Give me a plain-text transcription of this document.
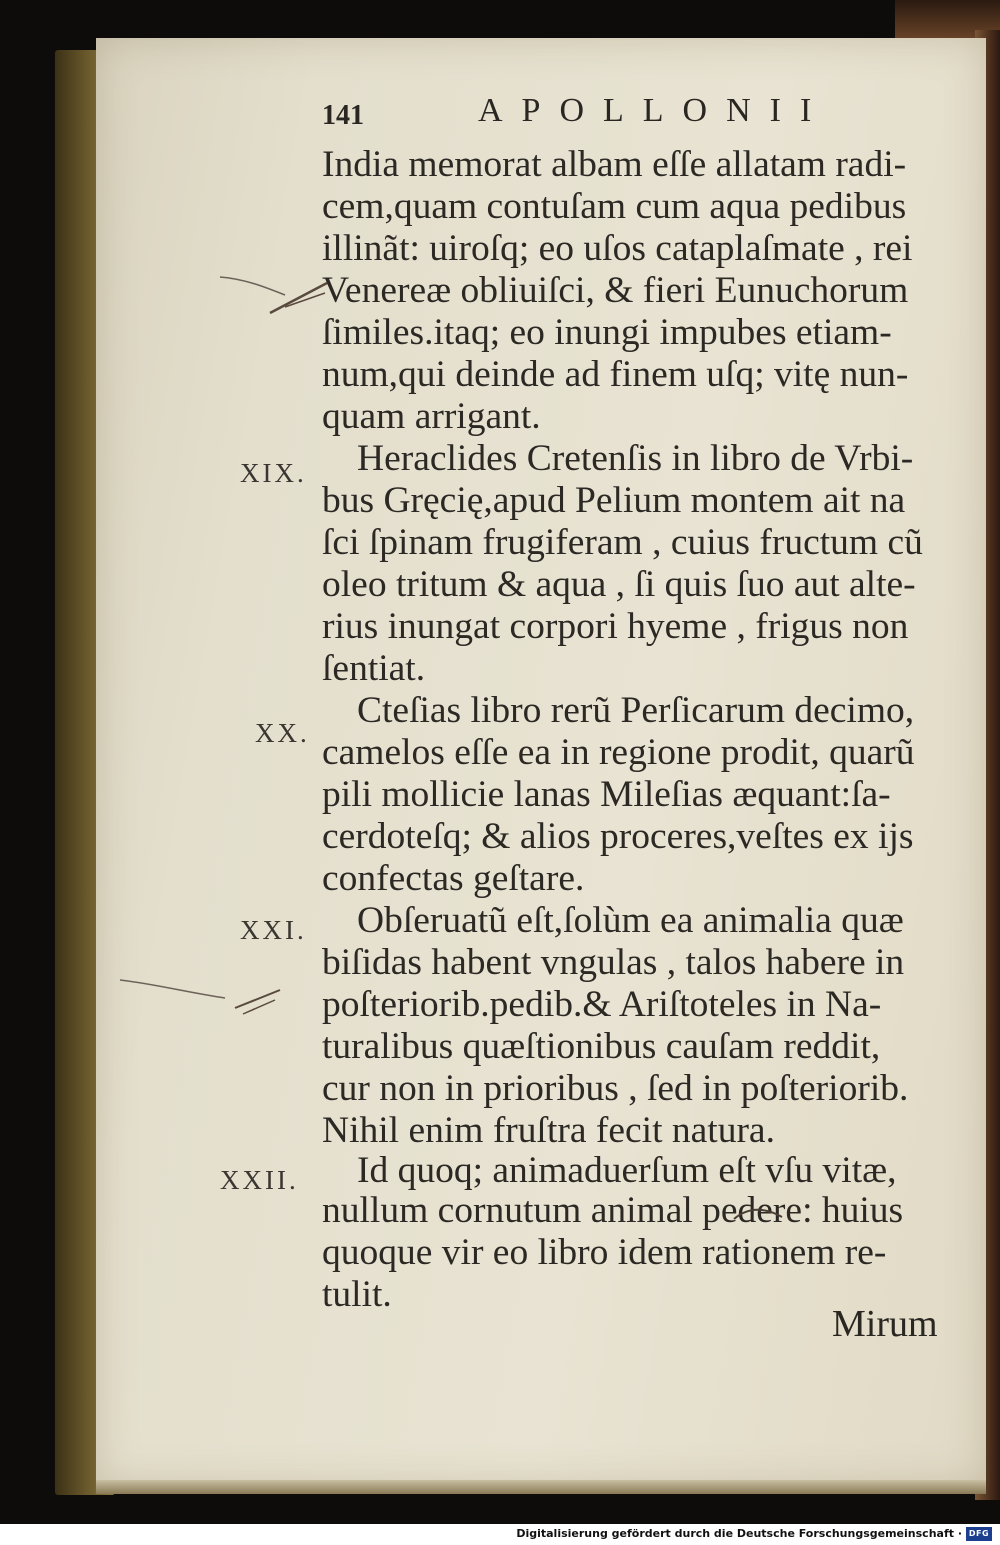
141	APOLLONII
India memorat albam eſſe allatam radi-
cem,quam contuſam cum aqua pedibus
illinãt: uiroſq; eo uſos cataplaſmate , rei
Venereæ obliuiſci, & fieri Eunuchorum
ſimiles.itaq; eo inungi impubes etiam-
num,qui deinde ad finem uſq; vitę nun-
quam arrigant.
Heraclides Cretenſis in libro de Vrbi-
bus Gręcię,apud Pelium montem ait na
ſci ſpinam frugiferam , cuius fructum cũ
oleo tritum & aqua , ſi quis ſuo aut alte-
rius inungat corpori hyeme , frigus non
ſentiat.
Cteſias libro rerũ Perſicarum decimo,
camelos eſſe ea in regione prodit, quarũ
pili mollicie lanas Mileſias æquant:ſa-
cerdoteſq; & alios proceres,veſtes ex ijs
confectas geſtare.
Obſeruatũ eſt,ſolùm ea animalia quæ
biſidas habent vngulas , talos habere in
poſteriorib.pedib.& Ariſtoteles in Na-
turalibus quæſtionibus cauſam reddit,
cur non in prioribus , ſed in poſteriorib.
Nihil enim fruſtra fecit natura.
Id quoq; animaduerſum eſt vſu vitæ,
nullum cornutum animal pedere: huius
quoque vir eo libro idem rationem re-
tulit.
XIX.
XX.
XXI.
XXII.
Mirum
Digitalisierung gefördert durch die Deutsche Forschungsgemeinschaft · DFG
